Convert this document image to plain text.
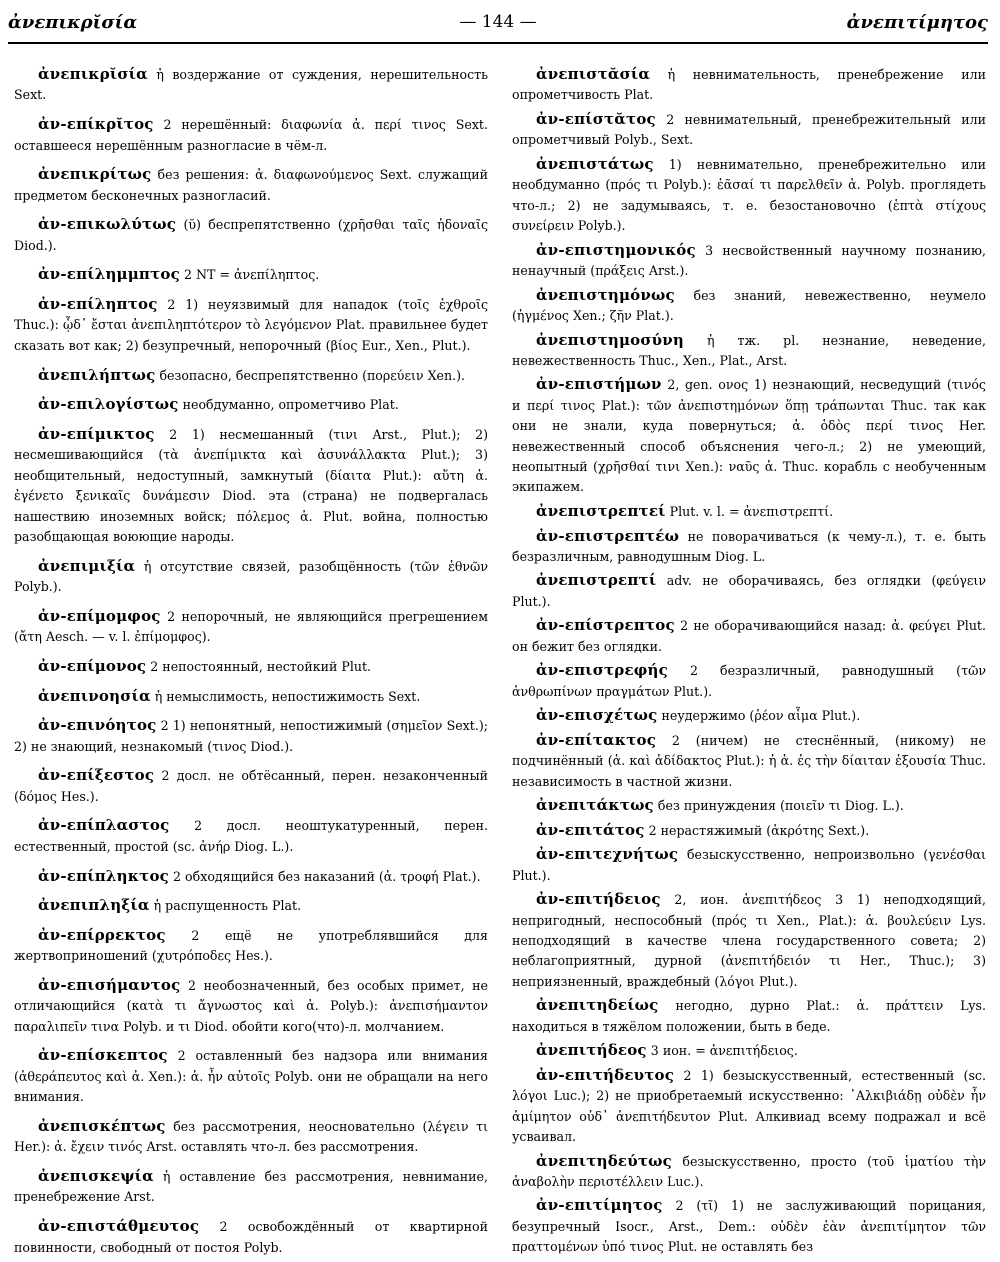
ἀνεπικρῐσία	— 144 —	ἀνεπιτίμητος

ἀνεπικρῐσία ἡ воздержание от суждения, нерешительность Sext.

ἀν-επίκρῐτος 2 нерешённый: διαφωνία ἀ. περί τινος Sext. оставшееся нерешённым разногласие в чём-л.

ἀνεπικρίτως без решения: ἀ. διαφωνούμενος Sext. служащий предметом бесконечных разногласий.

ἀν-επικωλύτως (ῠ) беспрепятственно (χρῆσθαι ταῖς ἡδοναῖς Diod.).

ἀν-επίλημμπτος 2 NT = ἀνεπίληπτος.

ἀν-επίληπτος 2 1) неуязвимый для нападок (τοῖς ἐχθροῖς Thuc.): ᾧδ᾽ ἔσται ἀνεπιληπτότερον τὸ λεγόμενον Plat. правильнее будет сказать вот как; 2) безупречный, непорочный (βίος Eur., Xen., Plut.).

ἀνεπιλήπτως безопасно, беспрепятственно (πορεύειν Xen.).

ἀν-επιλογίστως необдуманно, опрометчиво Plat.

ἀν-επίμικτος 2 1) несмешанный (τινι Arst., Plut.); 2) несмешивающийся (τὰ ἀνεπίμικτα καὶ ἀσυνάλλακτα Plut.); 3) необщительный, недоступный, замкнутый (δίαιτα Plut.): αὕτη ἀ. ἐγένετο ξενικαῖς δυνάμεσιν Diod. эта (страна) не подвергалась нашествию иноземных войск; πόλεμος ἀ. Plut. война, полностью разобщающая воюющие народы.

ἀνεπιμιξία ἡ отсутствие связей, разобщённость (τῶν ἐθνῶν Polyb.).

ἀν-επίμομφος 2 непорочный, не являющийся прегрешением (ἄτη Aesch. — v. l. ἐπίμομφος).

ἀν-επίμονος 2 непостоянный, нестойкий Plut.

ἀνεπινοησία ἡ немыслимость, непостижимость Sext.

ἀν-επινόητος 2 1) непонятный, непостижимый (σημεῖον Sext.); 2) не знающий, незнакомый (τινος Diod.).

ἀν-επίξεστος 2 досл. не обтёсанный, перен. незаконченный (δόμος Hes.).

ἀν-επίπλαστος 2 досл. неоштукатуренный, перен. естественный, простой (sc. ἀνήρ Diog. L.).

ἀν-επίπληκτος 2 обходящийся без наказаний (ἀ. τροφή Plat.).

ἀνεπιπληξία ἡ распущенность Plat.

ἀν-επίρρεκτος 2 ещё не употреблявшийся для жертвоприношений (χυτρόποδες Hes.).

ἀν-επισήμαντος 2 необозначенный, без особых примет, не отличающийся (κατὰ τι ἄγνωστος καὶ ἀ. Polyb.): ἀνεπισήμαντον παραλιπεῖν τινα Polyb. и τι Diod. обойти кого(что)-л. молчанием.

ἀν-επίσκεπτος 2 оставленный без надзора или внимания (ἀθεράπευτος καὶ ἀ. Xen.): ἀ. ἦν αὐτοῖς Polyb. они не обращали на него внимания.

ἀνεπισκέπτως без рассмотрения, неосновательно (λέγειν τι Her.): ἀ. ἔχειν τινός Arst. оставлять что-л. без рассмотрения.

ἀνεπισκεψία ἡ оставление без рассмотрения, невнимание, пренебрежение Arst.

ἀν-επιστάθμευτος 2 освобождённый от квартирной повинности, свободный от постоя Polyb.

ἀνεπιστᾰσία ἡ невнимательность, пренебрежение или опрометчивость Plat.

ἀν-επίστᾰτος 2 невнимательный, пренебрежительный или опрометчивый Polyb., Sext.

ἀνεπιστάτως 1) невнимательно, пренебрежительно или необдуманно (πρός τι Polyb.): ἐᾶσαί τι παρελθεῖν ἀ. Polyb. проглядеть что-л.; 2) не задумываясь, т. е. безостановочно (ἑπτὰ στίχους συνείρειν Polyb.).

ἀν-επιστημονικός 3 несвойственный научному познанию, ненаучный (πράξεις Arst.).

ἀνεπιστημόνως без знаний, невежественно, неумело (ἡγμένος Xen.; ζῆν Plat.).

ἀνεπιστημοσύνη ἡ тж. pl. незнание, неведение, невежественность Thuc., Xen., Plat., Arst.

ἀν-επιστήμων 2, gen. ονος 1) незнающий, несведущий (τινός и περί τινος Plat.): τῶν ἀνεπιστημόνων ὅπῃ τράπωνται Thuc. так как они не знали, куда повернуться; ἀ. ὁδὸς περί τινος Her. невежественный способ объяснения чего-л.; 2) не умеющий, неопытный (χρῆσθαί τινι Xen.): ναῦς ἀ. Thuc. корабль с необученным экипажем.

ἀνεπιστρεπτεί Plut. v. l. = ἀνεπιστρεπτί.

ἀν-επιστρεπτέω не поворачиваться (к чему-л.), т. е. быть безразличным, равнодушным Diog. L.

ἀνεπιστρεπτί adv. не оборачиваясь, без оглядки (φεύγειν Plut.).

ἀν-επίστρεπτος 2 не оборачивающийся назад: ἀ. φεύγει Plut. он бежит без оглядки.

ἀν-επιστρεφής 2 безразличный, равнодушный (τῶν ἀνθρωπίνων πραγμάτων Plut.).

ἀν-επισχέτως неудержимо (ῥέον αἷμα Plut.).

ἀν-επίτακτος 2 (ничем) не стеснённый, (никому) не подчинённый (ἀ. καὶ ἀδίδακτος Plut.): ἡ ἀ. ἐς τὴν δίαιταν ἐξουσία Thuc. независимость в частной жизни.

ἀνεπιτάκτως без принуждения (ποιεῖν τι Diog. L.).

ἀν-επιτάτος 2 нерастяжимый (ἀκρότης Sext.).

ἀν-επιτεχνήτως безыскусственно, непроизвольно (γενέσθαι Plut.).

ἀν-επιτήδειος 2, ион. ἀνεπιτήδεος 3 1) неподходящий, непригодный, неспособный (πρός τι Xen., Plat.): ἀ. βουλεύειν Lys. неподходящий в качестве члена государственного совета; 2) неблагоприятный, дурной (ἀνεπιτήδειόν τι Her., Thuc.); 3) неприязненный, враждебный (λόγοι Plut.).

ἀνεπιτηδείως негодно, дурно Plat.: ἀ. πράττειν Lys. находиться в тяжёлом положении, быть в беде.

ἀνεπιτήδεος 3 ион. = ἀνεπιτήδειος.

ἀν-επιτήδευτος 2 1) безыскусственный, естественный (sc. λόγοι Luc.); 2) не приобретаемый искусственно: ᾿Αλκιβιάδῃ οὐδὲν ἦν ἀμίμητον οὐδ᾽ ἀνεπιτήδευτον Plut. Алкивиад всему подражал и всё усваивал.

ἀνεπιτηδεύτως безыскусственно, просто (τοῦ ἱματίου τὴν ἀναβολὴν περιστέλλειν Luc.).

ἀν-επιτίμητος 2 (τῖ) 1) не заслуживающий порицания, безупречный Isocr., Arst., Dem.: οὐδὲν ἐὰν ἀνεπιτίμητον τῶν πραττομένων ὑπό τινος Plut. не оставлять без
